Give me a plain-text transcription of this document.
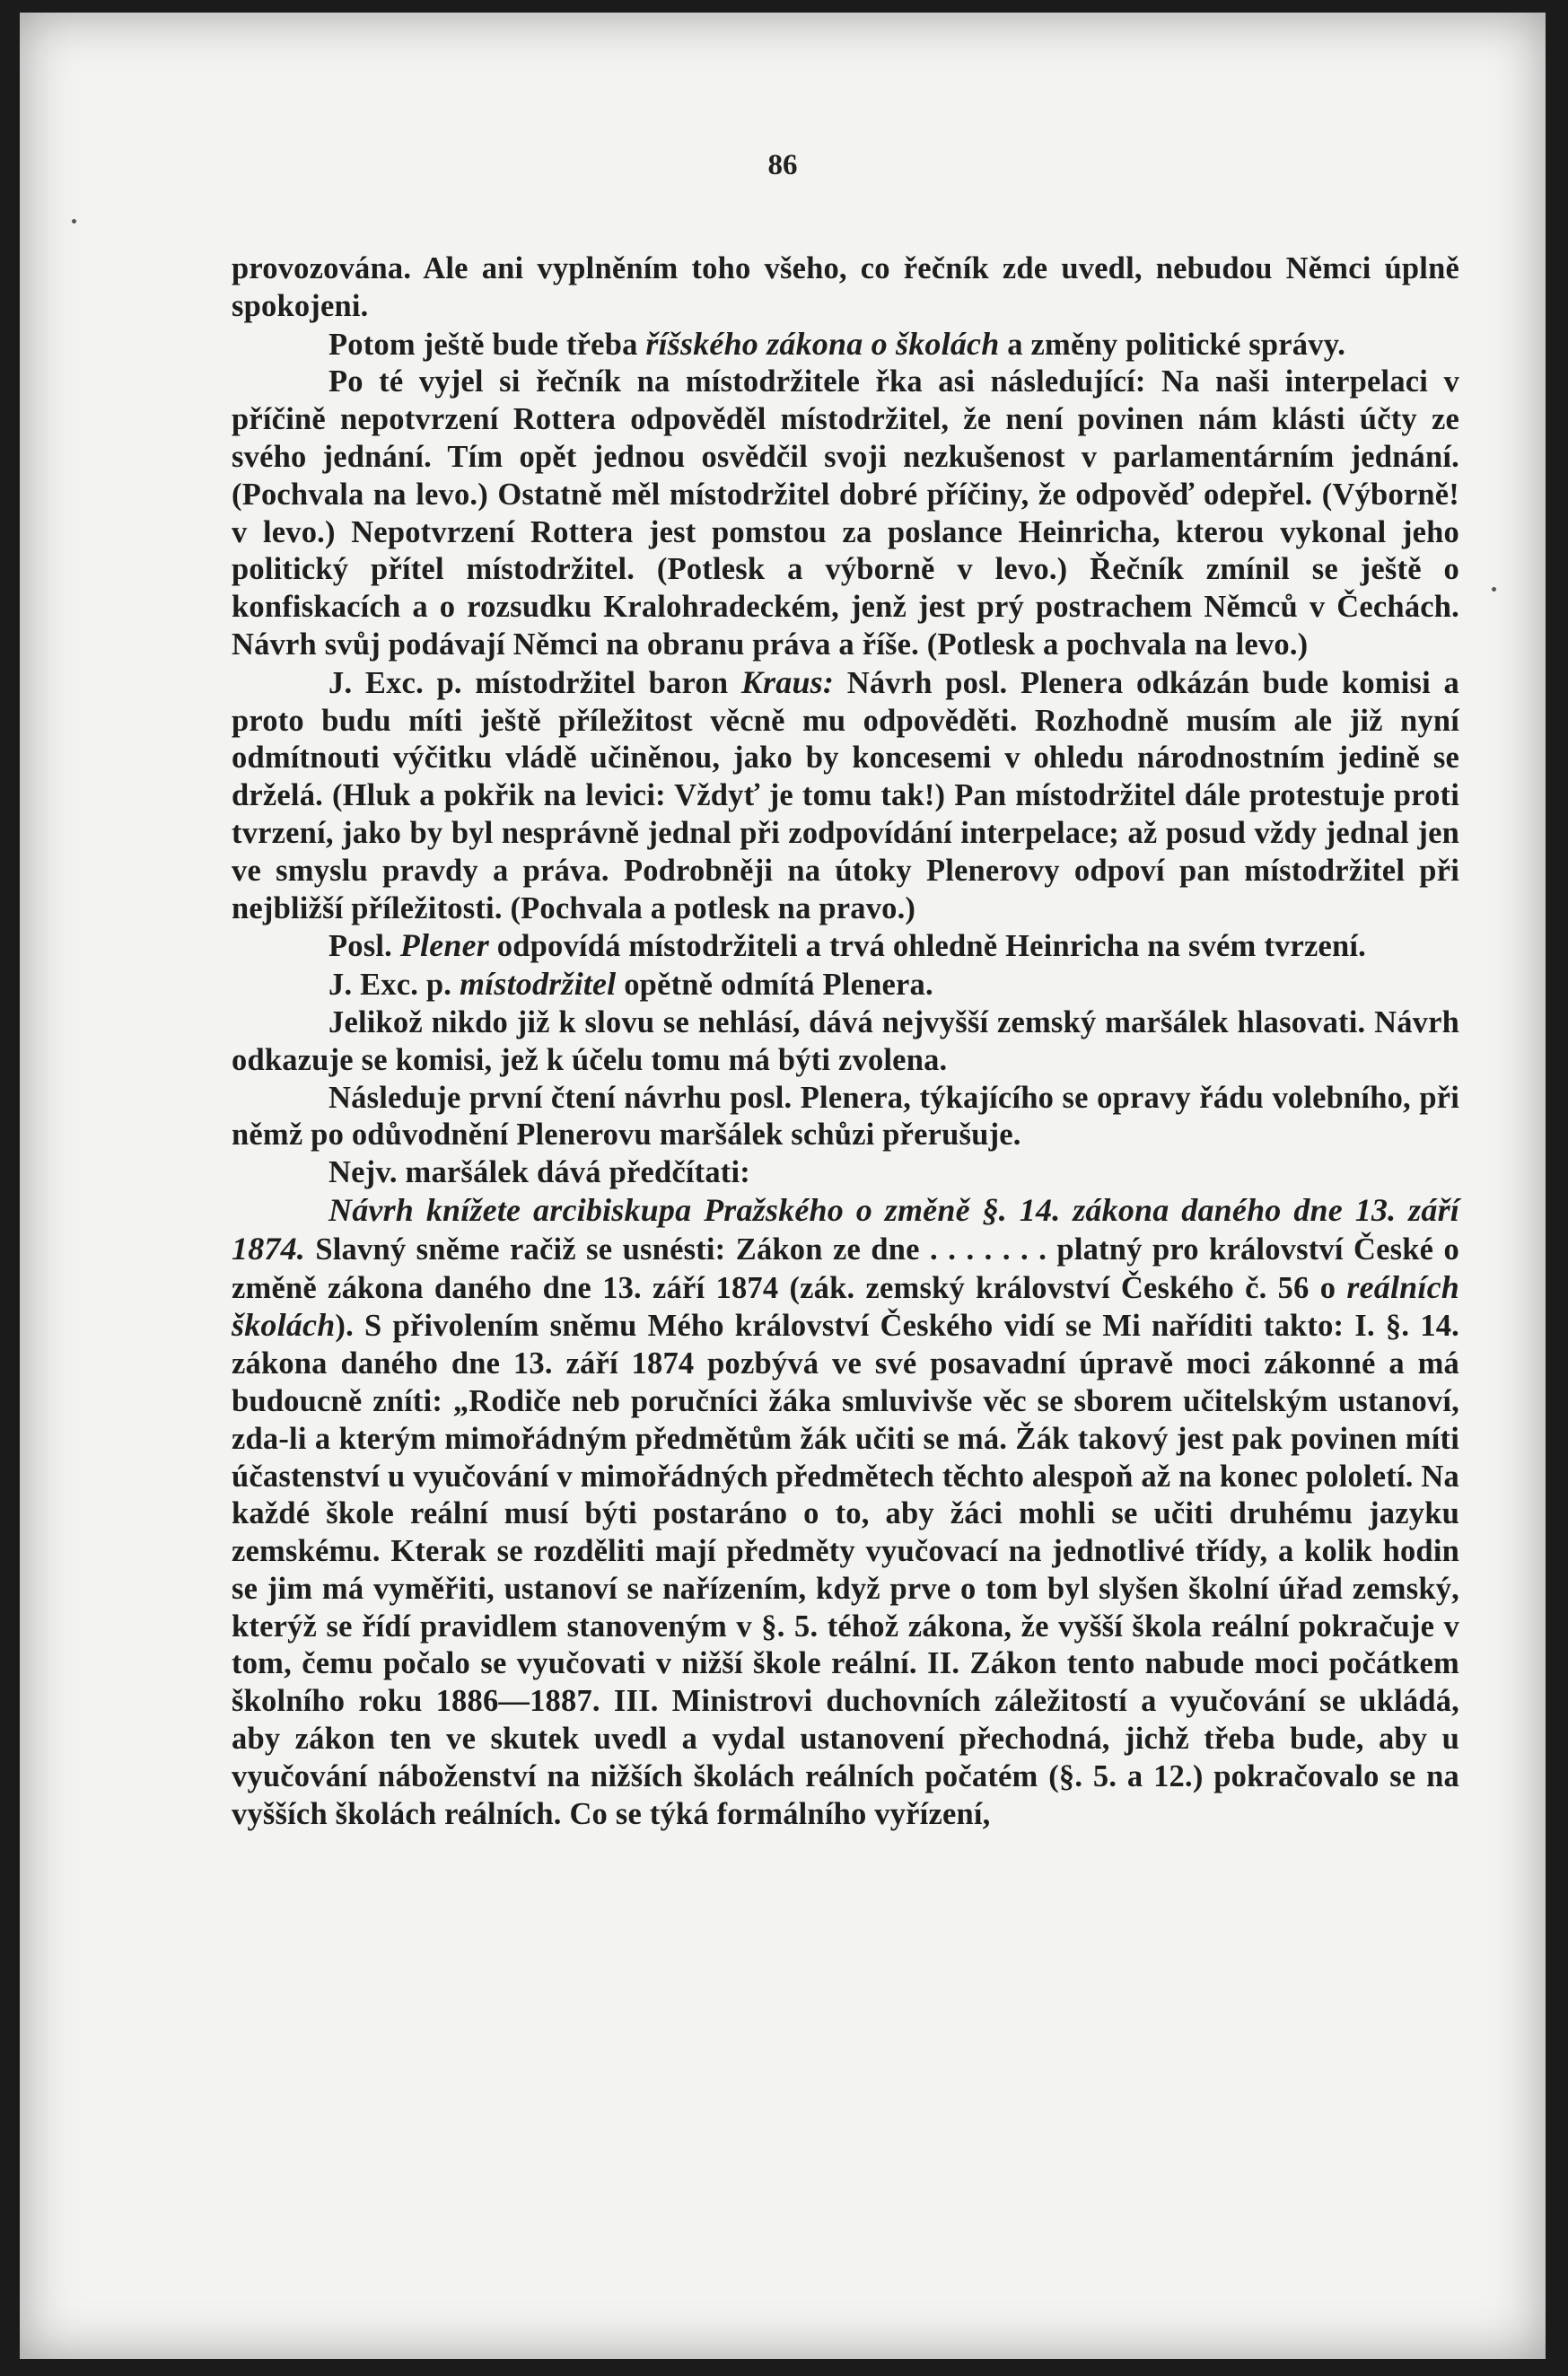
86

provozována. Ale ani vyplněním toho všeho, co řečník zde uvedl, nebudou Němci úplně spokojeni.

Potom ještě bude třeba říšského zákona o školách a změny politické správy.

Po té vyjel si řečník na místodržitele řka asi následující: Na naši interpelaci v příčině nepotvrzení Rottera odpověděl místodržitel, že není povinen nám klásti účty ze svého jednání. Tím opět jednou osvědčil svoji nezkušenost v parlamentárním jednání. (Pochvala na levo.) Ostatně měl místodržitel dobré příčiny, že odpověď odepřel. (Výborně! v levo.) Nepotvrzení Rottera jest pomstou za poslance Heinricha, kterou vykonal jeho politický přítel místodržitel. (Potlesk a výborně v levo.) Řečník zmínil se ještě o konfiskacích a o rozsudku Kralohradeckém, jenž jest prý postrachem Němců v Čechách. Návrh svůj podávají Němci na obranu práva a říše. (Potlesk a pochvala na levo.)

J. Exc. p. místodržitel baron Kraus: Návrh posl. Plenera odkázán bude komisi a proto budu míti ještě příležitost věcně mu odpověděti. Rozhodně musím ale již nyní odmítnouti výčitku vládě učiněnou, jako by koncesemi v ohledu národnostním jedině se drželá. (Hluk a pokřik na levici: Vždyť je tomu tak!) Pan místodržitel dále protestuje proti tvrzení, jako by byl nesprávně jednal při zodpovídání interpelace; až posud vždy jednal jen ve smyslu pravdy a práva. Podrobněji na útoky Plenerovy odpoví pan místodržitel při nejbližší příležitosti. (Pochvala a potlesk na pravo.)

Posl. Plener odpovídá místodržiteli a trvá ohledně Heinricha na svém tvrzení.

J. Exc. p. místodržitel opětně odmítá Plenera.

Jelikož nikdo již k slovu se nehlásí, dává nejvyšší zemský maršálek hlasovati. Návrh odkazuje se komisi, jež k účelu tomu má býti zvolena.

Následuje první čtení návrhu posl. Plenera, týkajícího se opravy řádu volebního, při němž po odůvodnění Plenerovu maršálek schůzi přerušuje.

Nejv. maršálek dává předčítati:

Návrh knížete arcibiskupa Pražského o změně §. 14. zákona daného dne 13. září 1874. Slavný sněme račiž se usnésti: Zákon ze dne . . . . . . . platný pro království České o změně zákona daného dne 13. září 1874 (zák. zemský království Českého č. 56 o reálních školách). S přivolením sněmu Mého království Českého vidí se Mi naříditi takto: I. §. 14. zákona daného dne 13. září 1874 pozbývá ve své posavadní úpravě moci zákonné a má budoucně zníti: „Rodiče neb poručníci žáka smluvivše věc se sborem učitelským ustanoví, zda-li a kterým mimořádným předmětům žák učiti se má. Žák takový jest pak povinen míti účastenství u vyučování v mimořádných předmětech těchto alespoň až na konec pololetí. Na každé škole reální musí býti postaráno o to, aby žáci mohli se učiti druhému jazyku zemskému. Kterak se rozděliti mají předměty vyučovací na jednotlivé třídy, a kolik hodin se jim má vyměřiti, ustanoví se nařízením, když prve o tom byl slyšen školní úřad zemský, kterýž se řídí pravidlem stanoveným v §. 5. téhož zákona, že vyšší škola reální pokračuje v tom, čemu počalo se vyučovati v nižší škole reální. II. Zákon tento nabude moci počátkem školního roku 1886—1887. III. Ministrovi duchovních záležitostí a vyučování se ukládá, aby zákon ten ve skutek uvedl a vydal ustanovení přechodná, jichž třeba bude, aby u vyučování náboženství na nižších školách reálních počatém (§. 5. a 12.) pokračovalo se na vyšších školách reálních. Co se týká formálního vyřízení,
